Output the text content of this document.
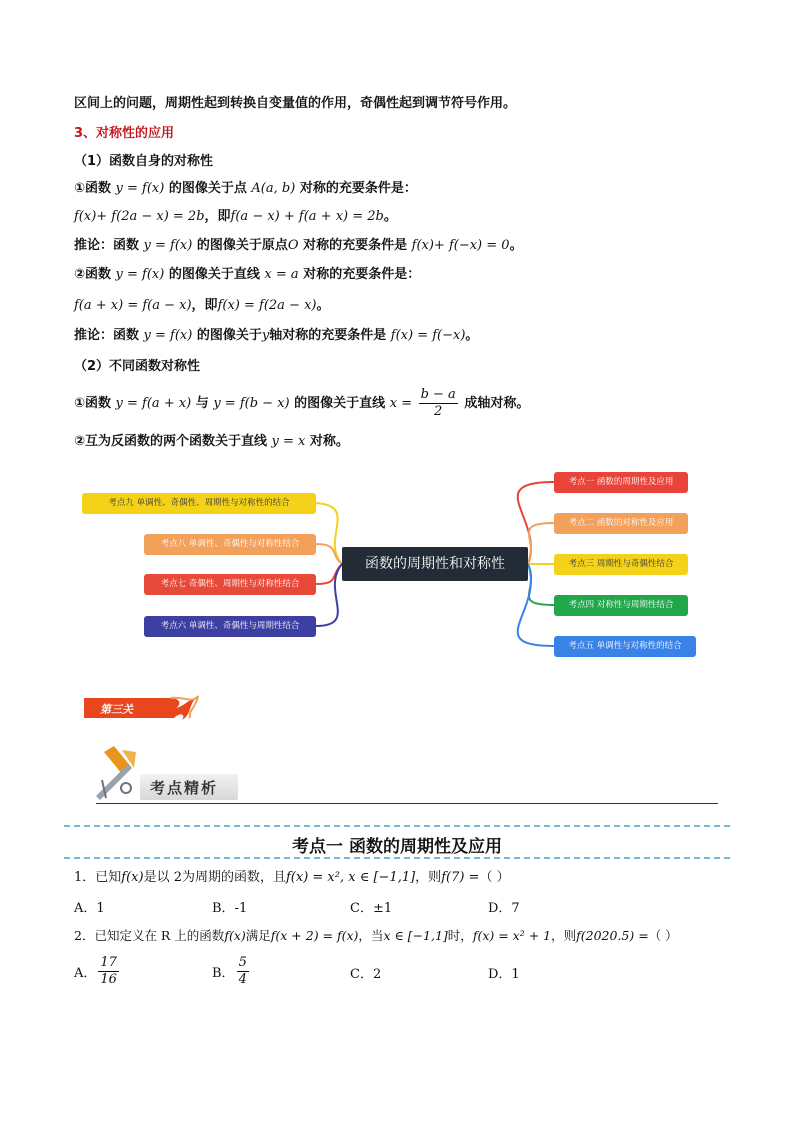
区间上的问题，周期性起到转换自变量值的作用，奇偶性起到调节符号作用。
3、对称性的应用
（1）函数自身的对称性
①函数 y = f(x) 的图像关于点 A(a, b) 对称的充要条件是：
f(x)+ f(2a − x) = 2b，即f(a − x) + f(a + x) = 2b。
推论：函数 y = f(x) 的图像关于原点O 对称的充要条件是 f(x)+ f(−x) = 0。
②函数 y = f(x) 的图像关于直线 x = a 对称的充要条件是：
f(a + x) = f(a − x)，即f(x) = f(2a − x)。
推论：函数 y = f(x) 的图像关于y轴对称的充要条件是 f(x) = f(−x)。
（2）不同函数对称性
①函数 y = f(a + x) 与 y = f(b − x) 的图像关于直线 $x = \frac{b - a}{2}$ 成轴对称。
②互为反函数的两个函数关于直线 y = x 对称。
函数的周期性和对称性
考点九 单调性、奇偶性、周期性与对称性的结合
考点八 单调性、奇偶性与对称性结合
考点七 奇偶性、周期性与对称性结合
考点六 单调性、奇偶性与周期性结合
考点一 函数的周期性及应用
考点二 函数的对称性及应用
考点三 周期性与奇偶性结合
考点四 对称性与周期性结合
考点五 单调性与对称性的结合
第三关
考点精析
考点一 函数的周期性及应用
1．已知f(x)是以 2为周期的函数，且f(x) = x², x ∈ [−1,1]，则f(7) =（ ）
A．1	B．-1	C．±1	D．7
2．已知定义在 R 上的函数f(x)满足f(x + 2) = f(x)，当x ∈ [−1,1]时，f(x) = x² + 1，则f(2020.5) =（ ）
A． $\frac{17}{16}$	B． $\frac{5}{4}$	C．2	D．1
